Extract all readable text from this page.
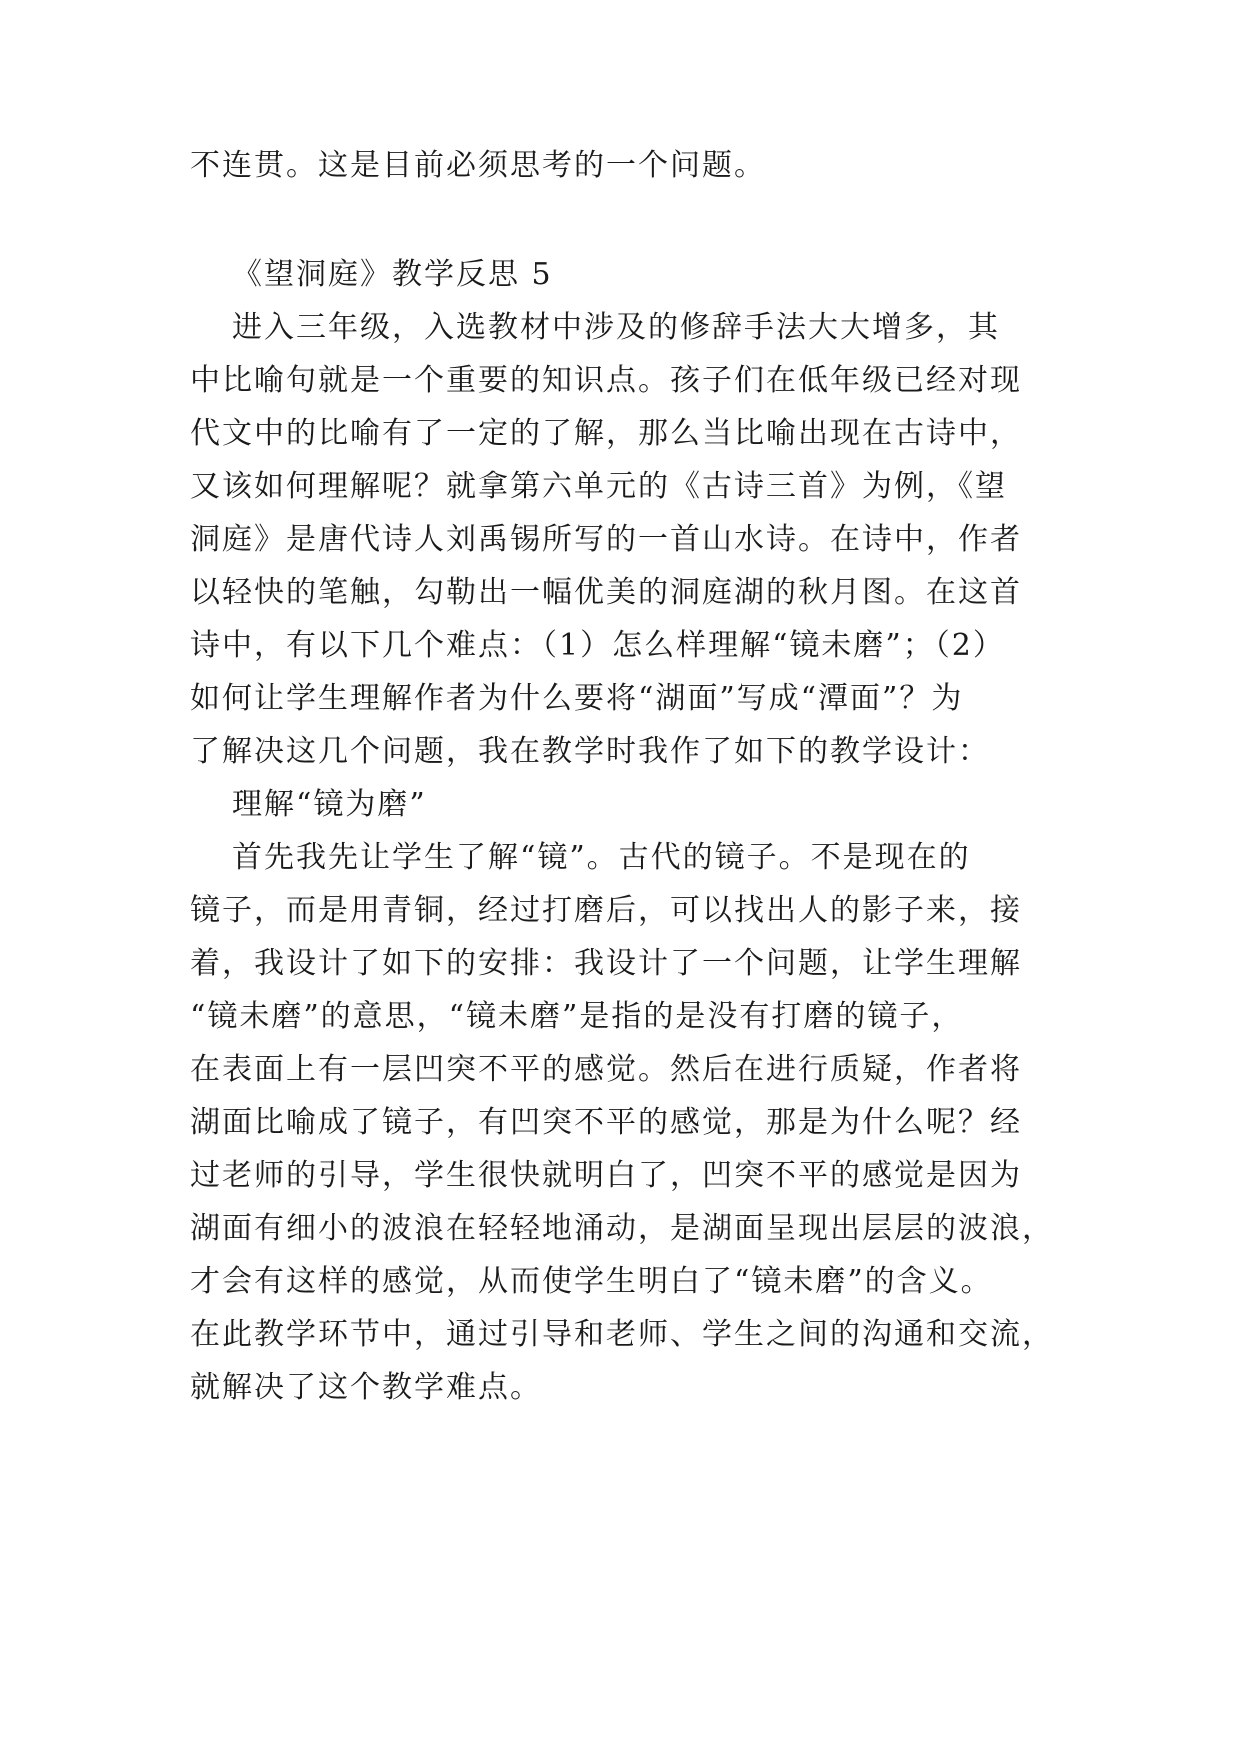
不连贯。这是目前必须思考的一个问题。
《望洞庭》教学反思 5
进入三年级，入选教材中涉及的修辞手法大大增多，其
中比喻句就是一个重要的知识点。孩子们在低年级已经对现
代文中的比喻有了一定的了解，那么当比喻出现在古诗中，
又该如何理解呢？就拿第六单元的《古诗三首》为例，《望
洞庭》是唐代诗人刘禹锡所写的一首山水诗。在诗中，作者
以轻快的笔触，勾勒出一幅优美的洞庭湖的秋月图。在这首
诗中，有以下几个难点：（1）怎么样理解“镜未磨”；（2）
如何让学生理解作者为什么要将“湖面”写成“潭面”？为
了解决这几个问题，我在教学时我作了如下的教学设计：
理解“镜为磨”
首先我先让学生了解“镜”。古代的镜子。不是现在的
镜子，而是用青铜，经过打磨后，可以找出人的影子来，接
着，我设计了如下的安排：我设计了一个问题，让学生理解
“镜未磨”的意思，“镜未磨”是指的是没有打磨的镜子，
在表面上有一层凹突不平的感觉。然后在进行质疑，作者将
湖面比喻成了镜子，有凹突不平的感觉，那是为什么呢？经
过老师的引导，学生很快就明白了，凹突不平的感觉是因为
湖面有细小的波浪在轻轻地涌动，是湖面呈现出层层的波浪，
才会有这样的感觉，从而使学生明白了“镜未磨”的含义。
在此教学环节中，通过引导和老师、学生之间的沟通和交流，
就解决了这个教学难点。
